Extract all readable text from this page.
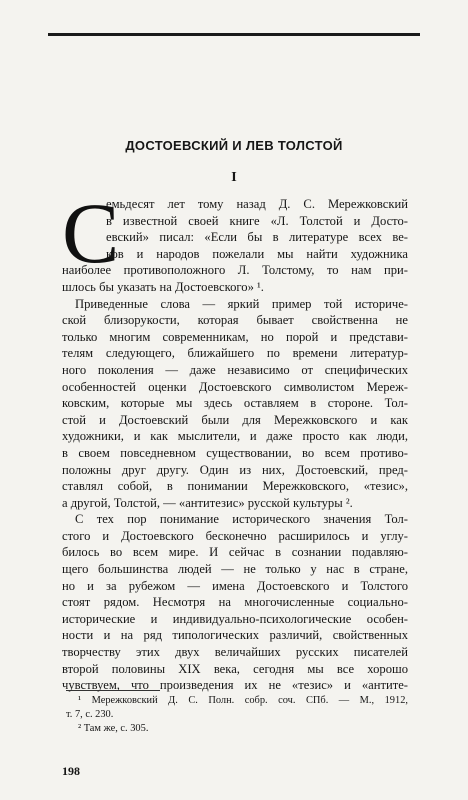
ДОСТОЕВСКИЙ И ЛЕВ ТОЛСТОЙ
I
С
емьдесят лет тому назад Д. С. Мережковский
в известной своей книге «Л. Толстой и Досто-
евский» писал: «Если бы в литературе всех ве-
ков и народов пожелали мы найти художника
наиболее противоположного Л. Толстому, то нам при-
шлось бы указать на Достоевского» ¹.
Приведенные слова — яркий пример той историче-
ской близорукости, которая бывает свойственна не
только многим современникам, но порой и представи-
телям следующего, ближайшего по времени литератур-
ного поколения — даже независимо от специфических
особенностей оценки Достоевского символистом Мереж-
ковским, которые мы здесь оставляем в стороне. Тол-
стой и Достоевский были для Мережковского и как
художники, и как мыслители, и даже просто как люди,
в своем повседневном существовании, во всем противо-
положны друг другу. Один из них, Достоевский, пред-
ставлял собой, в понимании Мережковского, «тезис»,
а другой, Толстой, — «антитезис» русской культуры ².
С тех пор понимание исторического значения Тол-
стого и Достоевского бесконечно расширилось и углу-
билось во всем мире. И сейчас в сознании подавляю-
щего большинства людей — не только у нас в стране,
но и за рубежом — имена Достоевского и Толстого
стоят рядом. Несмотря на многочисленные социально-
исторические и индивидуально-психологические особен-
ности и на ряд типологических различий, свойственных
творчеству этих двух величайших русских писателей
второй половины XIX века, сегодня мы все хорошо
чувствуем, что произведения их не «тезис» и «антите-
¹ Мережковский Д. С. Полн. собр. соч. СПб. — М., 1912,
т. 7, с. 230.
² Там же, с. 305.
198
